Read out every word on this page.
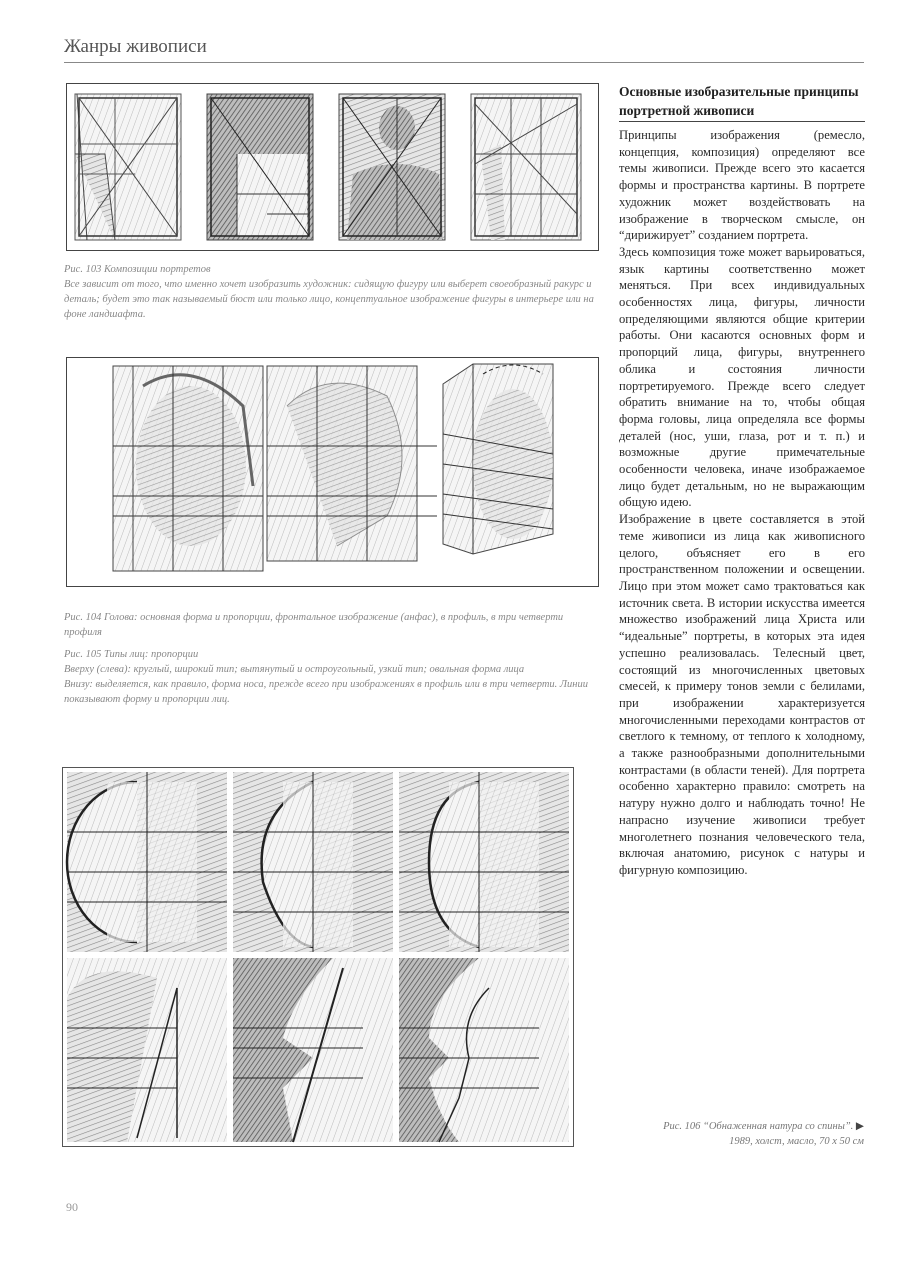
Жанры живописи

Рис. 103 Композиции портретов

Все зависит от того, что именно хочет изобразить художник: сидящую фигуру или выберет своеобразный ракурс и деталь; будет это так называемый бюст или только лицо, концептуальное изображение фигуры в интерьере или на фоне ландшафта.

Рис. 104 Голова: основная форма и пропорции, фронтальное изображение (анфас), в профиль, в три четверти профиля

Рис. 105 Типы лиц: пропорции

Вверху (слева): круглый, широкий тип; вытянутый и остроугольный, узкий тип; овальная форма лица

Внизу: выделяется, как правило, форма носа, прежде всего при изображениях в профиль или в три четверти. Линии показывают форму и пропорции лиц.

Основные изобразительные принципы портретной живописи

Принципы изображения (ремесло, концепция, композиция) определяют все темы живописи. Прежде всего это касается формы и пространства картины. В портрете художник может воздействовать на изображение в творческом смысле, он “дирижирует” созданием портрета.

Здесь композиция тоже может варьироваться, язык картины соответственно может меняться. При всех индивидуальных особенностях лица, фигуры, личности определяющими являются общие критерии работы. Они касаются основных форм и пропорций лица, фигуры, внутреннего облика и состояния личности портретируемого. Прежде всего следует обратить внимание на то, чтобы общая форма головы, лица определяла все формы деталей (нос, уши, глаза, рот и т. п.) и возможные другие примечательные особенности человека, иначе изображаемое лицо будет детальным, но не выражающим общую идею.

Изображение в цвете составляется в этой теме живописи из лица как живописного целого, объясняет его в его пространственном положении и освещении. Лицо при этом может само трактоваться как источник света. В истории искусства имеется множество изображений лица Христа или “идеальные” портреты, в которых эта идея успешно реализовалась. Телесный цвет, состоящий из многочисленных цветовых смесей, к примеру тонов земли с белилами, при изображении характеризуется многочисленными переходами контрастов от светлого к темному, от теплого к холодному, а также разнообразными дополнительными контрастами (в области теней). Для портрета особенно характерно правило: смотреть на натуру нужно долго и наблюдать точно! Не напрасно изучение живописи требует многолетнего познания человеческого тела, включая анатомию, рисунок с натуры и фигурную композицию.

Рис. 106 “Обнаженная натура со спины”. ▶
1989, холст, масло, 70 х 50 см
90
